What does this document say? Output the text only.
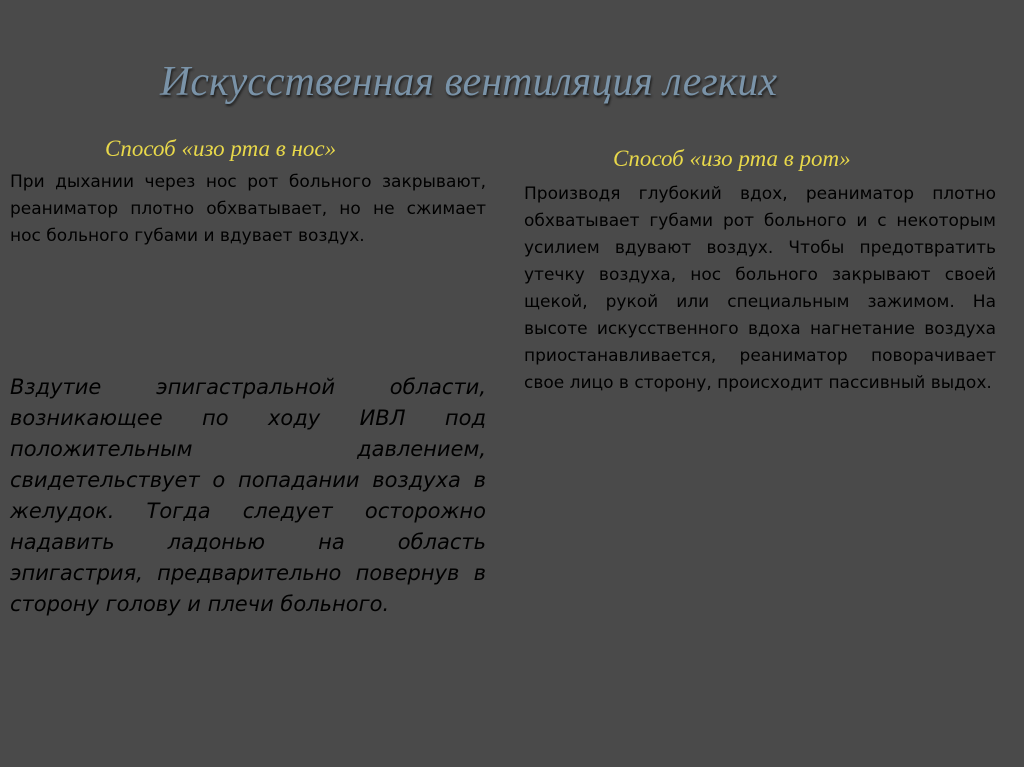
Искусственная вентиляция легких
Способ «изо рта в нос»

При дыхании через нос рот больного закрывают, реаниматор плотно обхватывает, но не сжимает нос больного губами и вдувает воздух.

Вздутие эпигастральной области, возникающее по ходу ИВЛ под положительным давлением, свидетельствует о попадании воздуха в желудок. Тогда следует осторожно надавить ладонью на область эпигастрия, предварительно повернув в сторону голову и плечи больного.

Способ «изо рта в рот»

Производя глубокий вдох, реаниматор плотно обхватывает губами рот больного и с некоторым усилием вдувают воздух. Чтобы предотвратить утечку воздуха, нос больного закрывают своей щекой, рукой или специальным зажимом. На высоте искусственного вдоха нагнетание воздуха приостанавливается, реаниматор поворачивает свое лицо в сторону, происходит пассивный выдох.
